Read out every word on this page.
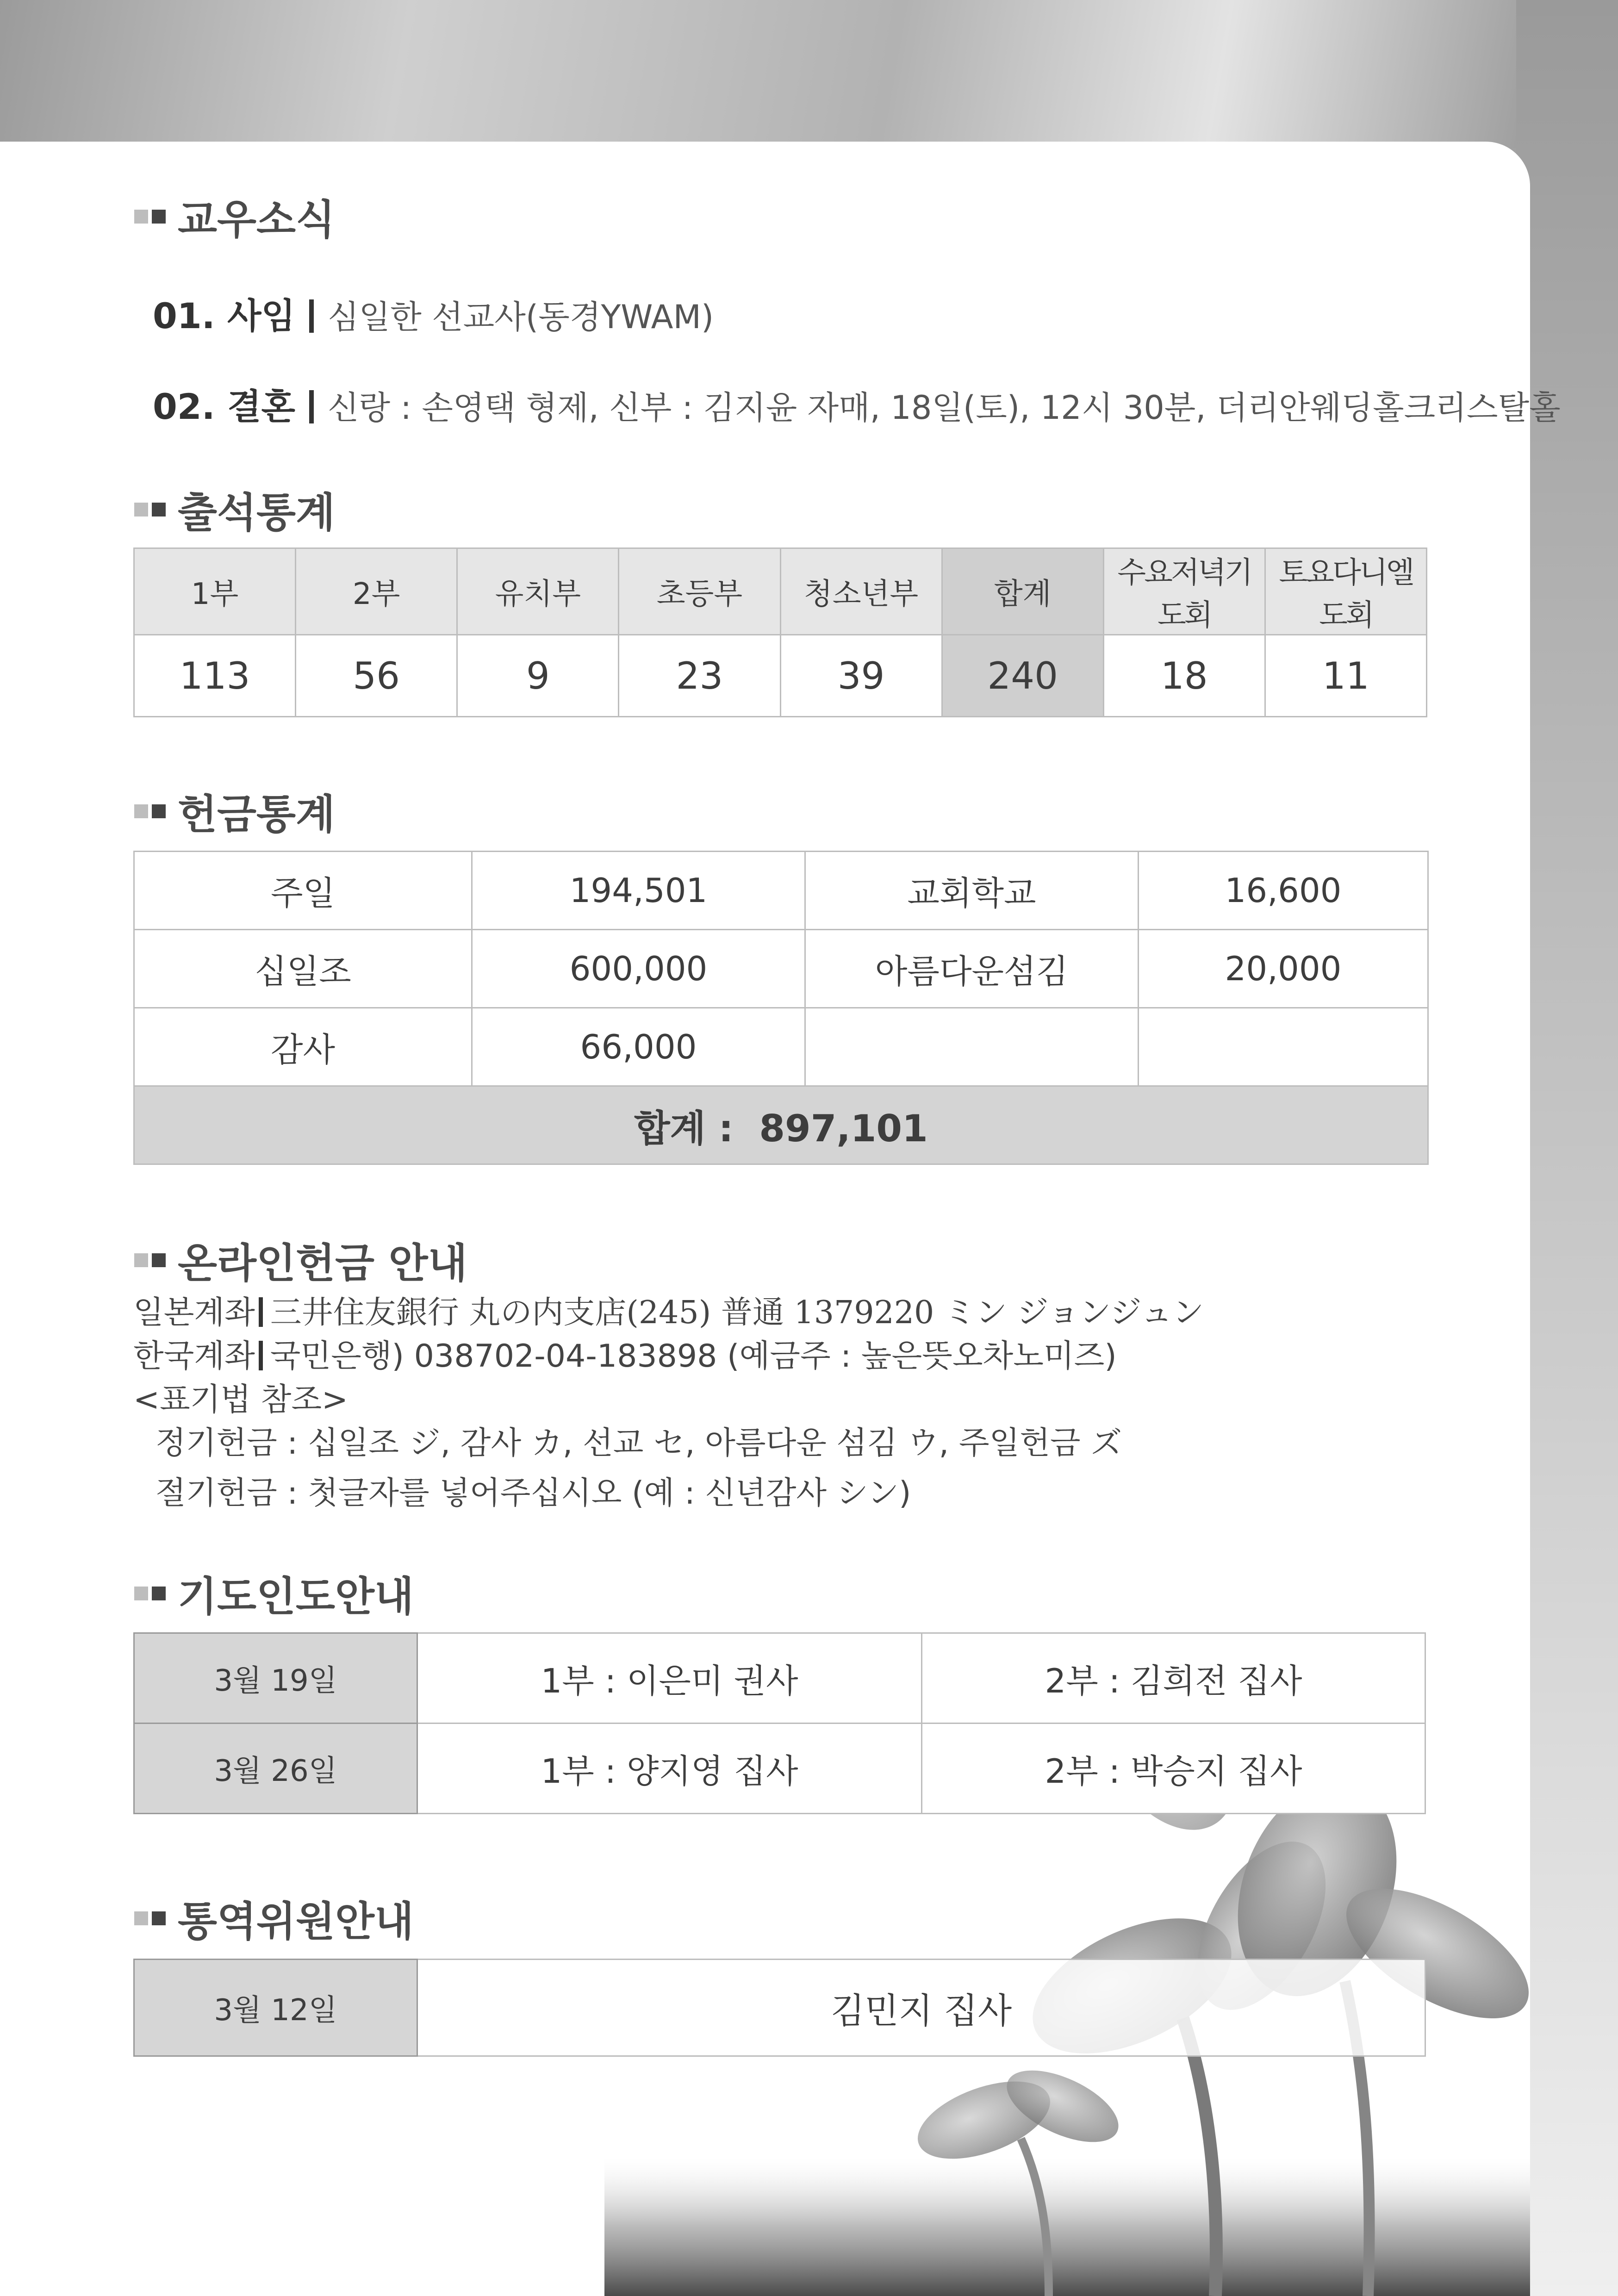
교우소식
01. 사임 심일한 선교사(동경YWAM)
02. 결혼 신랑 : 손영택 형제, 신부 : 김지윤 자매, 18일(토), 12시 30분, 더리안웨딩홀크리스탈홀
출석통계
1부	2부	유치부	초등부	청소년부	합계	수요저녁기도회	토요다니엘도회
113	56	9	23	39	240	18	11
헌금통계
주일	194,501	교회학교	16,600
십일조	600,000	아름다운섬김	20,000
감사	66,000		
합계 : 897,101			
온라인헌금 안내
일본계좌 三井住友銀行 丸の内支店(245) 普通 1379220 ミン ジョンジュン
한국계좌 국민은행) 038702-04-183898 (예금주 : 높은뜻오차노미즈)
<표기법 참조>
정기헌금 : 십일조 ジ, 감사 カ, 선교 セ, 아름다운 섬김 ウ, 주일헌금 ズ
절기헌금 : 첫글자를 넣어주십시오 (예 : 신년감사 シン)
기도인도안내
3월 19일	1부 : 이은미 권사	2부 : 김희전 집사
3월 26일	1부 : 양지영 집사	2부 : 박승지 집사
통역위원안내
3월 12일	김민지 집사
